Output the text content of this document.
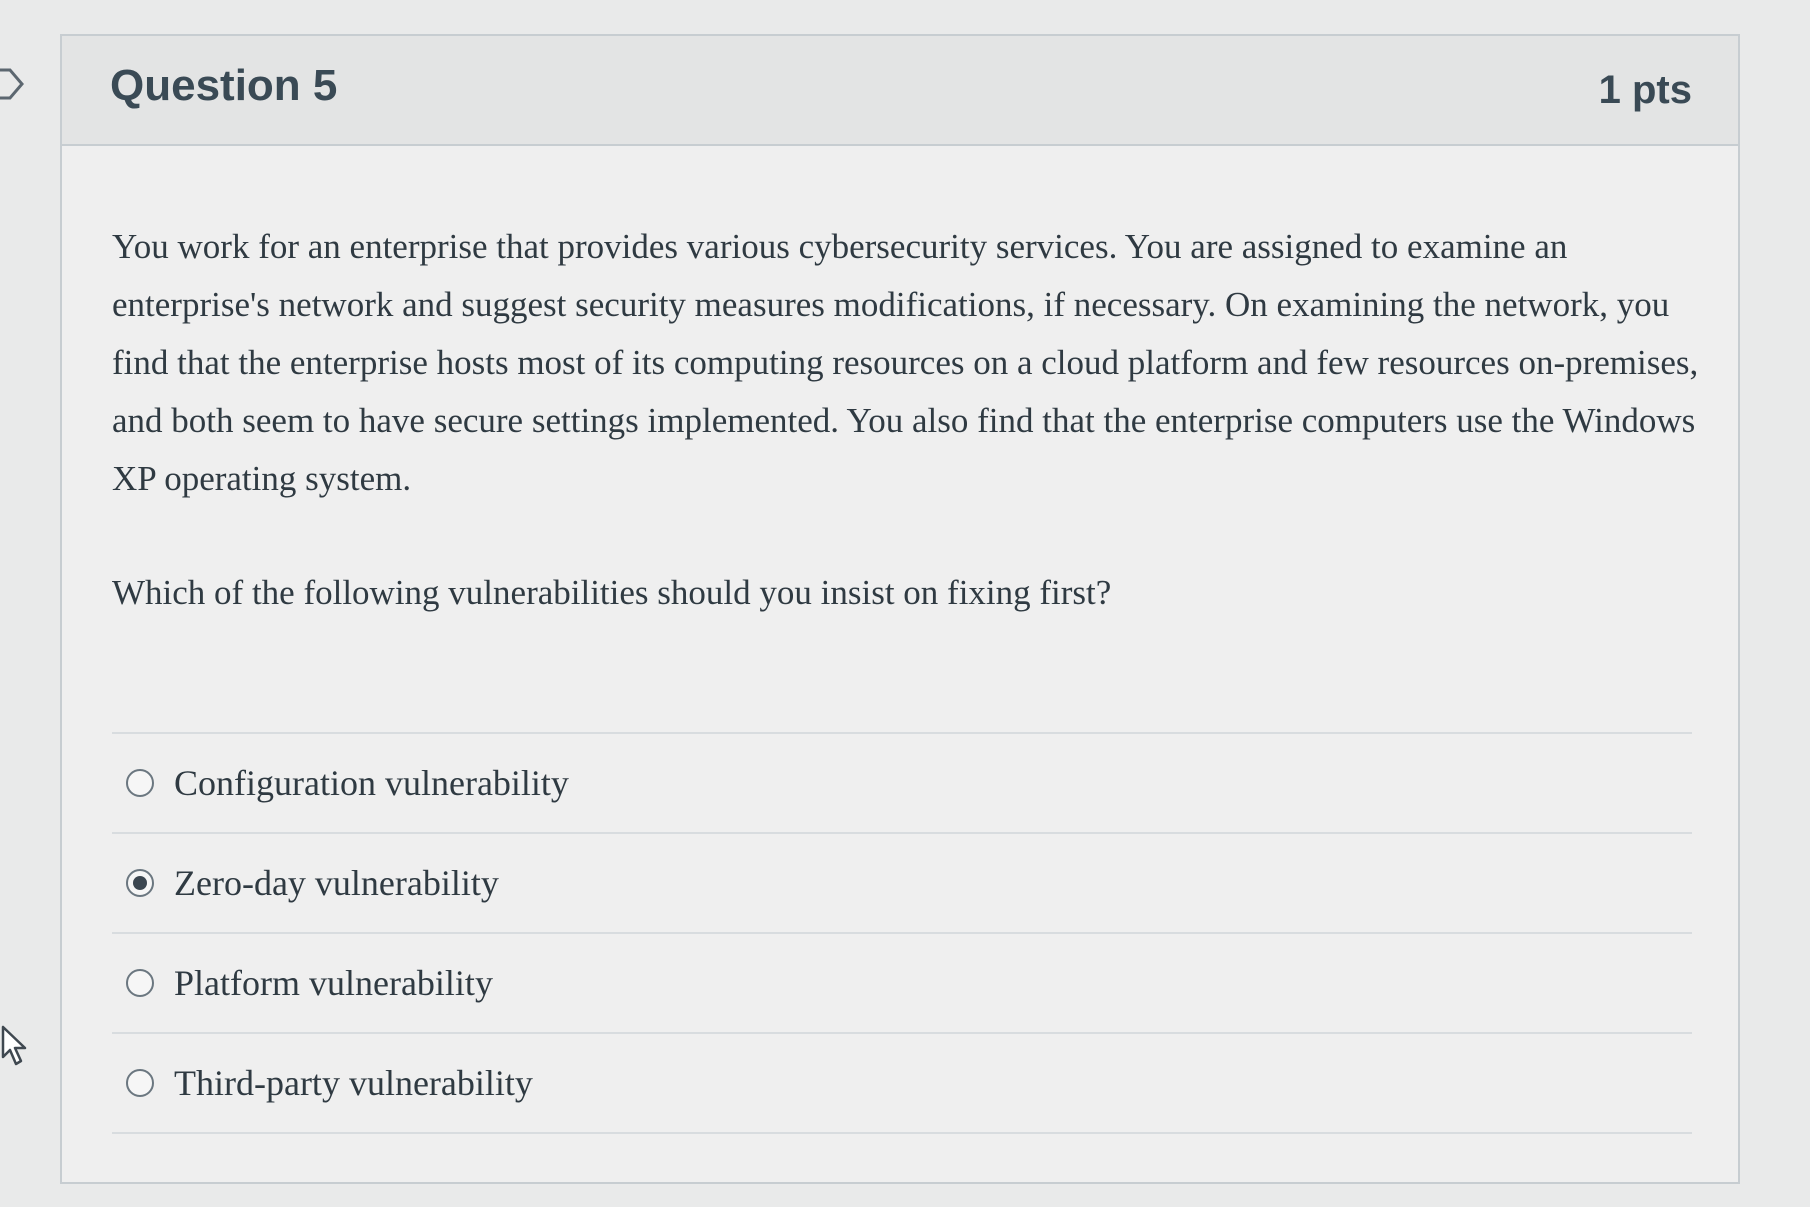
Question 5	1 pts

You work for an enterprise that provides various cybersecurity services. You are assigned to examine an enterprise's network and suggest security measures modifications, if necessary. On examining the network, you find that the enterprise hosts most of its computing resources on a cloud platform and few resources on-premises, and both seem to have secure settings implemented. You also find that the enterprise computers use the Windows XP operating system.

Which of the following vulnerabilities should you insist on fixing first?

Configuration vulnerability
Zero-day vulnerability
Platform vulnerability
Third-party vulnerability
